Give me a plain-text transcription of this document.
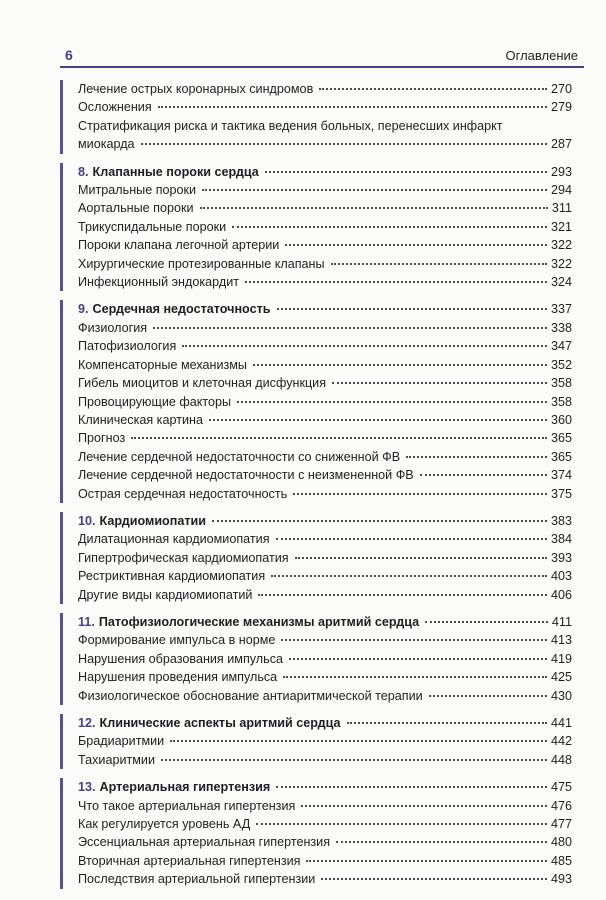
6	Оглавление
Лечение острых коронарных синдромов	270
Осложнения	279
Стратификация риска и тактика ведения больных, перенесших инфаркт
миокарда	287
8. Клапанные пороки сердца	293
Митральные пороки	294
Аортальные пороки	311
Трикуспидальные пороки	321
Пороки клапана легочной артерии	322
Хирургические протезированные клапаны	322
Инфекционный эндокардит	324
9. Сердечная недостаточность	337
Физиология	338
Патофизиология	347
Компенсаторные механизмы	352
Гибель миоцитов и клеточная дисфункция	358
Провоцирующие факторы	358
Клиническая картина	360
Прогноз	365
Лечение сердечной недостаточности со сниженной ФВ	365
Лечение сердечной недостаточности с неизмененной ФВ	374
Острая сердечная недостаточность	375
10. Кардиомиопатии	383
Дилатационная кардиомиопатия	384
Гипертрофическая кардиомиопатия	393
Рестриктивная кардиомиопатия	403
Другие виды кардиомиопатий	406
11. Патофизиологические механизмы аритмий сердца	411
Формирование импульса в норме	413
Нарушения образования импульса	419
Нарушения проведения импульса	425
Физиологическое обоснование антиаритмической терапии	430
12. Клинические аспекты аритмий сердца	441
Брадиаритмии	442
Тахиаритмии	448
13. Артериальная гипертензия	475
Что такое артериальная гипертензия	476
Как регулируется уровень АД	477
Эссенциальная артериальная гипертензия	480
Вторичная артериальная гипертензия	485
Последствия артериальной гипертензии	493
